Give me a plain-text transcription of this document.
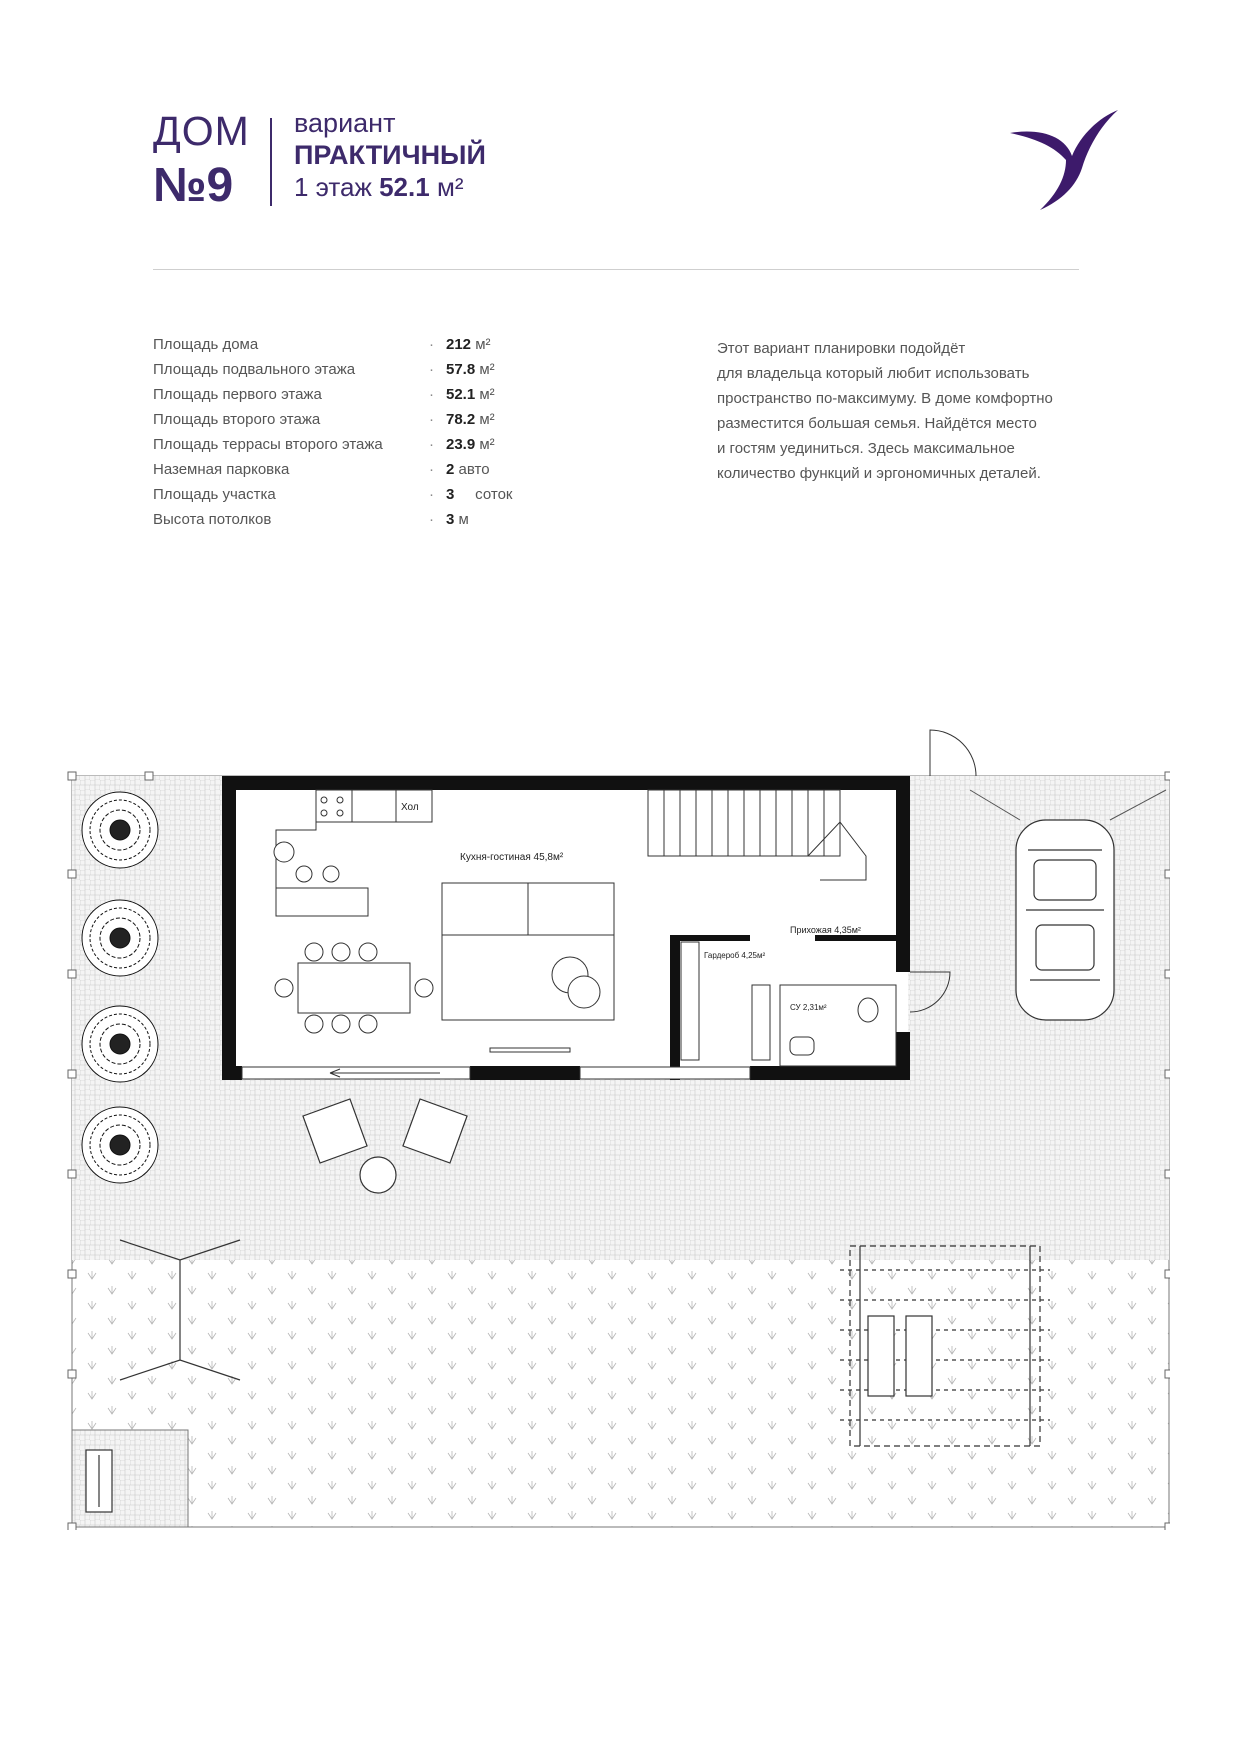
ДОМ
№9
вариант
ПРАКТИЧНЫЙ
1 этаж 52.1 м²
Площадь дома	· 212 м²
Площадь подвального этажа	· 57.8 м²
Площадь первого этажа	· 52.1 м²
Площадь второго этажа	· 78.2 м²
Площадь террасы второго этажа	· 23.9 м²
Наземная парковка	· 2 авто
Площадь участка	· 3     соток
Высота потолков	· 3 м
Этот вариант планировки подойдёт
для владельца который любит использовать
пространство по-максимуму. В доме комфортно
разместится большая семья. Найдётся место
и гостям уединиться. Здесь максимальное
количество функций и эргономичных деталей.
Хол
Кухня-гостиная 45,8м²
Гардероб 4,25м²
СУ 2,31м²
Прихожая 4,35м²
